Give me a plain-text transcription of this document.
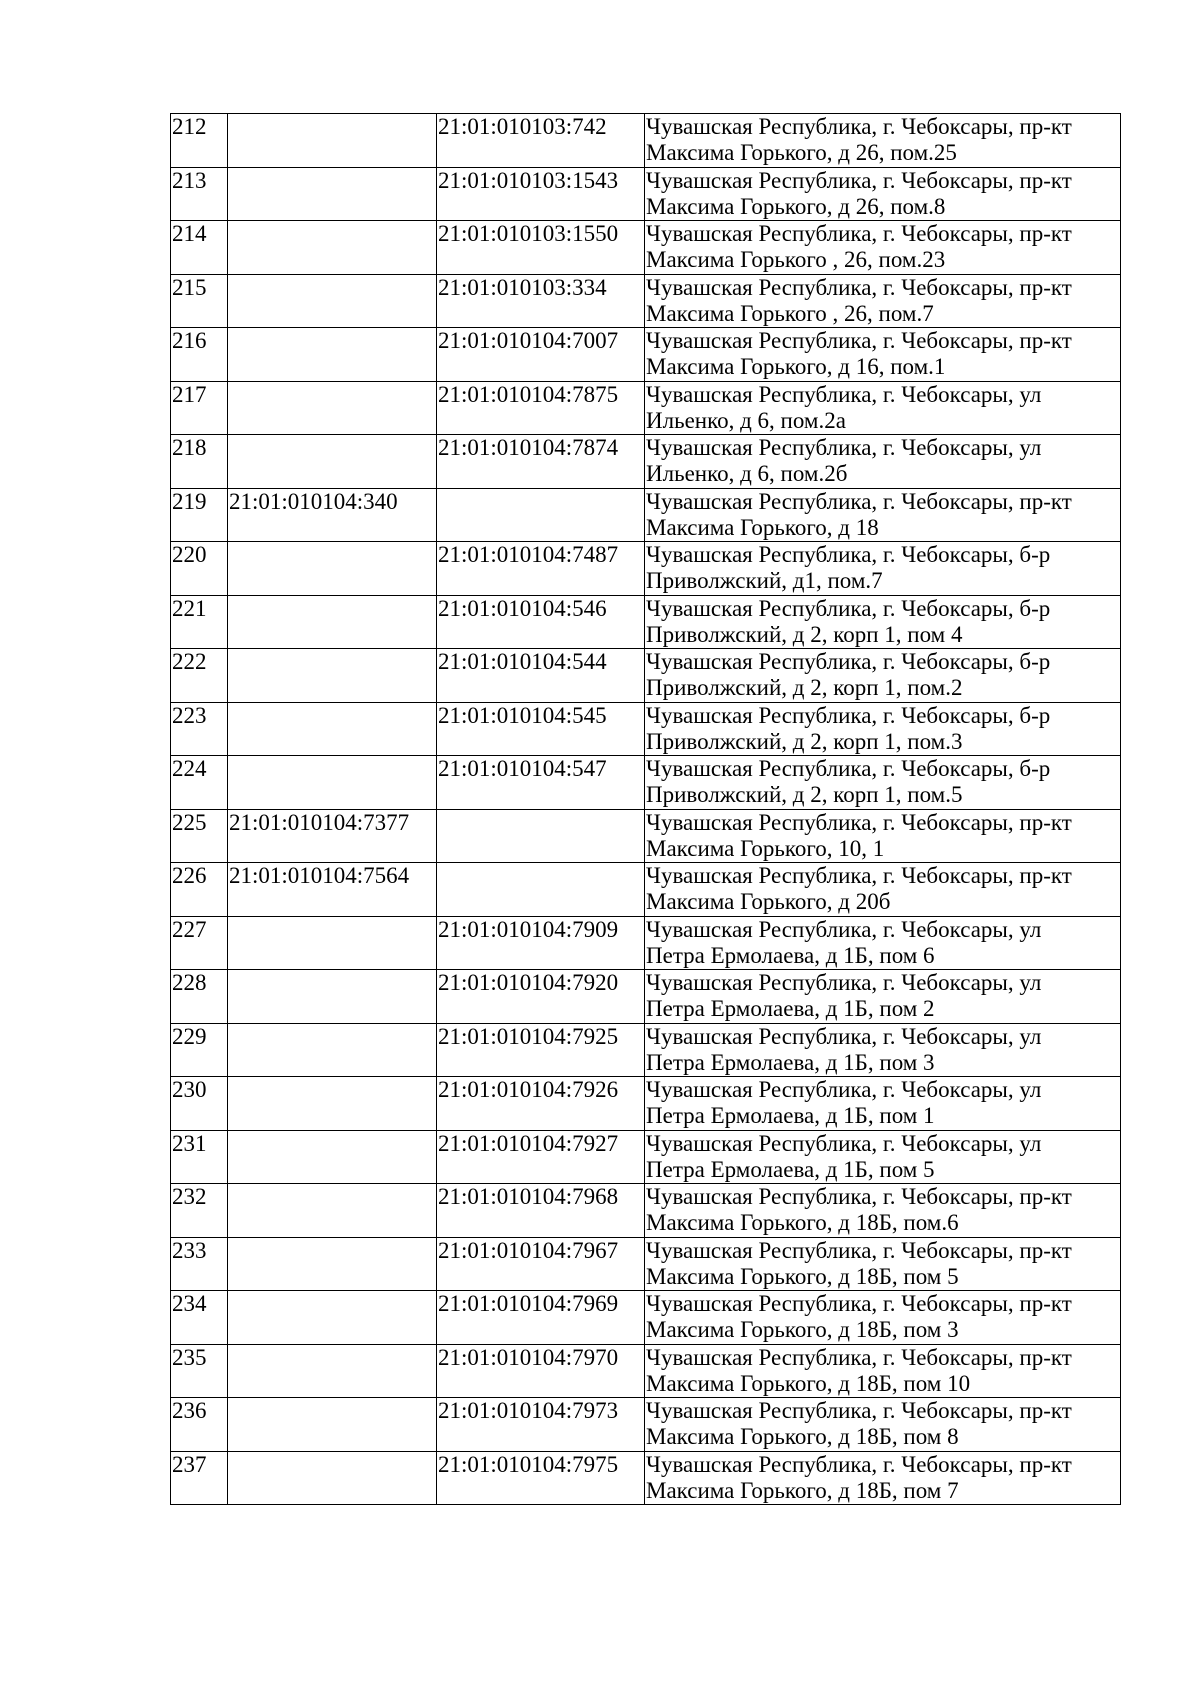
212		21:01:010103:742	Чувашская Республика, г. Чебоксары, пр-кт
Максима Горького, д 26, пом.25

213		21:01:010103:1543	Чувашская Республика, г. Чебоксары, пр-кт
Максима Горького, д 26, пом.8

214		21:01:010103:1550	Чувашская Республика, г. Чебоксары, пр-кт
Максима Горького , 26, пом.23

215		21:01:010103:334	Чувашская Республика, г. Чебоксары, пр-кт
Максима Горького , 26, пом.7

216		21:01:010104:7007	Чувашская Республика, г. Чебоксары, пр-кт
Максима Горького, д 16, пом.1

217		21:01:010104:7875	Чувашская Республика, г. Чебоксары, ул
Ильенко, д 6, пом.2а

218		21:01:010104:7874	Чувашская Республика, г. Чебоксары, ул
Ильенко, д 6, пом.2б

219	21:01:010104:340		Чувашская Республика, г. Чебоксары, пр-кт
Максима Горького, д 18

220		21:01:010104:7487	Чувашская Республика, г. Чебоксары, б-р
Приволжский, д1, пом.7

221		21:01:010104:546	Чувашская Республика, г. Чебоксары, б-р
Приволжский, д 2, корп 1, пом 4

222		21:01:010104:544	Чувашская Республика, г. Чебоксары, б-р
Приволжский, д 2, корп 1, пом.2

223		21:01:010104:545	Чувашская Республика, г. Чебоксары, б-р
Приволжский, д 2, корп 1, пом.3

224		21:01:010104:547	Чувашская Республика, г. Чебоксары, б-р
Приволжский, д 2, корп 1, пом.5

225	21:01:010104:7377		Чувашская Республика, г. Чебоксары, пр-кт
Максима Горького, 10, 1

226	21:01:010104:7564		Чувашская Республика, г. Чебоксары, пр-кт
Максима Горького, д 20б

227		21:01:010104:7909	Чувашская Республика, г. Чебоксары, ул
Петра Ермолаева, д 1Б, пом 6

228		21:01:010104:7920	Чувашская Республика, г. Чебоксары, ул
Петра Ермолаева, д 1Б, пом 2

229		21:01:010104:7925	Чувашская Республика, г. Чебоксары, ул
Петра Ермолаева, д 1Б, пом 3

230		21:01:010104:7926	Чувашская Республика, г. Чебоксары, ул
Петра Ермолаева, д 1Б, пом 1

231		21:01:010104:7927	Чувашская Республика, г. Чебоксары, ул
Петра Ермолаева, д 1Б, пом 5

232		21:01:010104:7968	Чувашская Республика, г. Чебоксары, пр-кт
Максима Горького, д 18Б, пом.6

233		21:01:010104:7967	Чувашская Республика, г. Чебоксары, пр-кт
Максима Горького, д 18Б, пом 5

234		21:01:010104:7969	Чувашская Республика, г. Чебоксары, пр-кт
Максима Горького, д 18Б, пом 3

235		21:01:010104:7970	Чувашская Республика, г. Чебоксары, пр-кт
Максима Горького, д 18Б, пом 10

236		21:01:010104:7973	Чувашская Республика, г. Чебоксары, пр-кт
Максима Горького, д 18Б, пом 8

237		21:01:010104:7975	Чувашская Республика, г. Чебоксары, пр-кт
Максима Горького, д 18Б, пом 7
